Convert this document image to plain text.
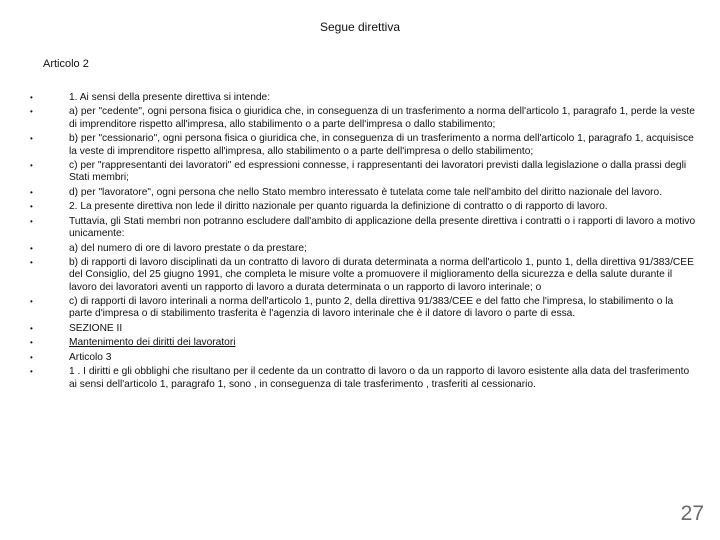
Segue direttiva
Articolo 2
•	1. Ai sensi della presente direttiva si intende:
•	a) per "cedente", ogni persona fisica o giuridica che, in conseguenza di un trasferimento a norma dell'articolo 1, paragrafo 1, perde la veste di imprenditore rispetto all'impresa, allo stabilimento o a parte dell'impresa o dallo stabilimento;
•	b) per "cessionario", ogni persona fisica o giuridica che, in conseguenza di un trasferimento a norma dell'articolo 1, paragrafo 1, acquisisce la veste di imprenditore rispetto all'impresa, allo stabilimento o a parte dell'impresa o dello stabilimento;
•	c) per "rappresentanti dei lavoratori" ed espressioni connesse, i rappresentanti dei lavoratori previsti dalla legislazione o dalla prassi degli Stati membri;
•	d) per "lavoratore", ogni persona che nello Stato membro interessato è tutelata come tale nell'ambito del diritto nazionale del lavoro.
•	2. La presente direttiva non lede il diritto nazionale per quanto riguarda la definizione di contratto o di rapporto di lavoro.
•	Tuttavia, gli Stati membri non potranno escludere dall'ambito di applicazione della presente direttiva i contratti o i rapporti di lavoro a motivo unicamente:
•	a) del numero di ore di lavoro prestate o da prestare;
•	b) di rapporti di lavoro disciplinati da un contratto di lavoro di durata determinata a norma dell'articolo 1, punto 1, della direttiva 91/383/CEE del Consiglio, del 25 giugno 1991, che completa le misure volte a promuovere il miglioramento della sicurezza e della salute durante il lavoro dei lavoratori aventi un rapporto di lavoro a durata determinata o un rapporto di lavoro interinale; o
•	c) di rapporti di lavoro interinali a norma dell'articolo 1, punto 2, della direttiva 91/383/CEE e del fatto che l'impresa, lo stabilimento o la parte d'impresa o di stabilimento trasferita è l'agenzia di lavoro interinale che è il datore di lavoro o parte di essa.
•	SEZIONE II
•	Mantenimento dei diritti dei lavoratori
•	Articolo 3
•	1 . I diritti e gli obblighi che risultano per il cedente da un contratto di lavoro o da un rapporto di lavoro esistente alla data del trasferimento ai sensi dell'articolo 1, paragrafo 1, sono , in conseguenza di tale trasferimento , trasferiti al cessionario.
27
